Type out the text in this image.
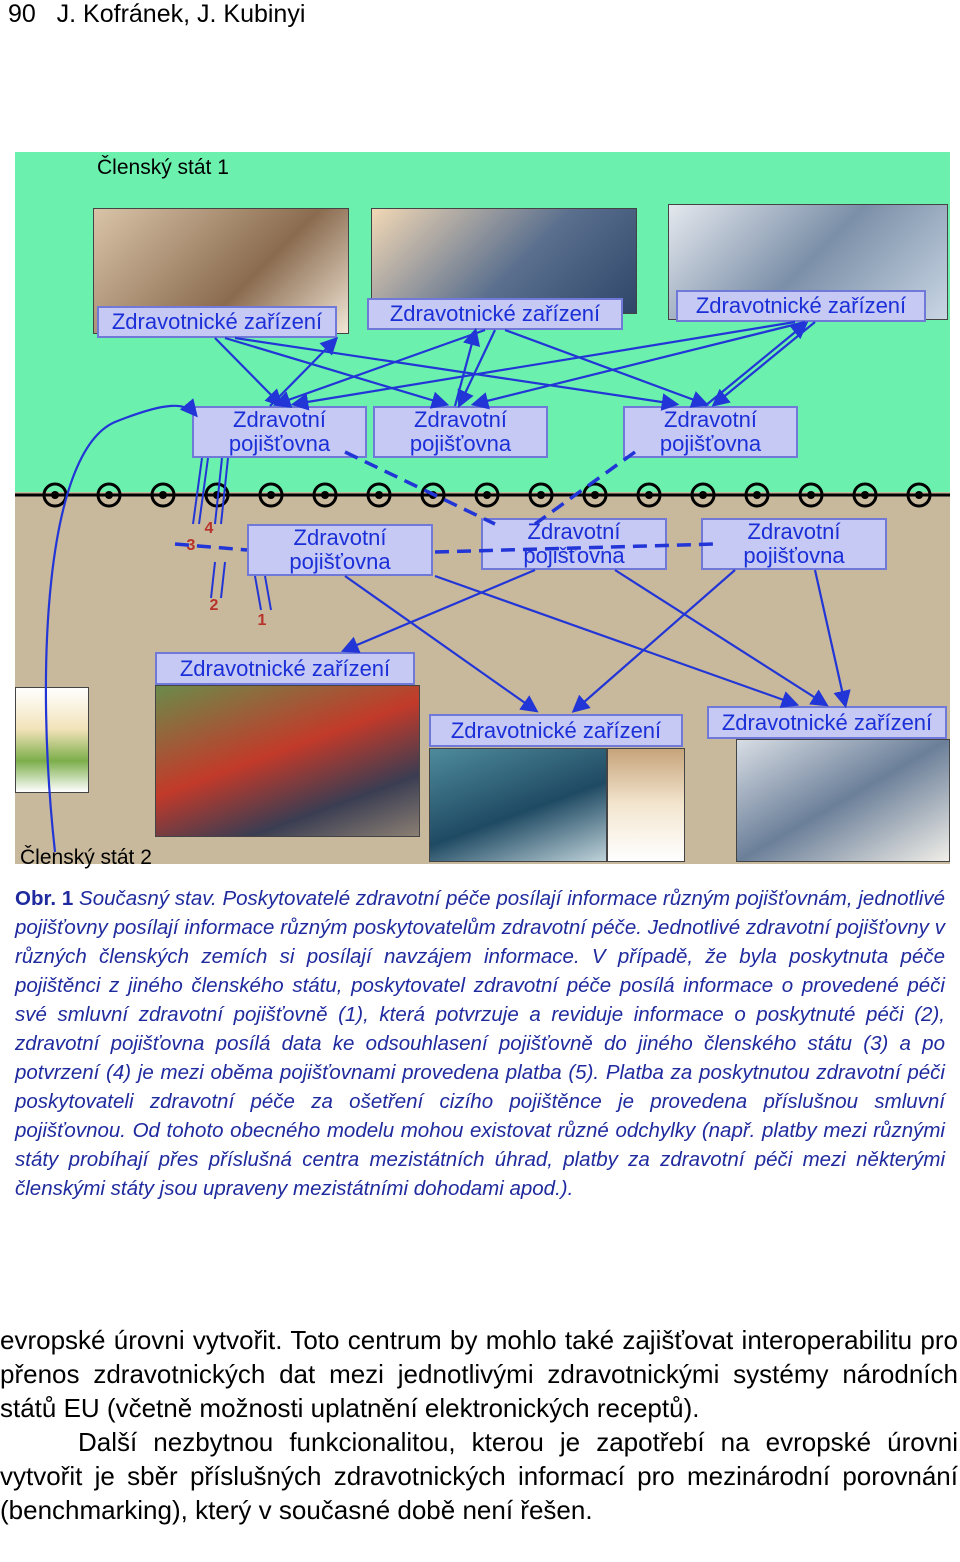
90 J. Kofránek, J. Kubinyi
Členský stát 1
Zdravotnické zařízení	Zdravotnické zařízení	Zdravotnické zařízení
Zdravotní
pojišťovna
Zdravotní
pojišťovna
Zdravotní
pojišťovna
Zdravotní
pojišťovna
Zdravotní
pojišťovna
Zdravotní
pojišťovna
3
4
2
1
Zdravotnické zařízení
Zdravotnické zařízení	Zdravotnické zařízení
Členský stát 2
Obr. 1 Současný stav. Poskytovatelé zdravotní péče posílají informace různým pojišťovnám, jednotlivé pojišťovny posílají informace různým poskytovatelům zdravotní péče. Jednotlivé zdravotní pojišťovny v různých členských zemích si posílají navzájem informace. V případě, že byla poskytnuta péče pojištěnci z jiného členského státu, poskytovatel zdravotní péče posílá informace o provedené péči své smluvní zdravotní pojišťovně (1), která potvrzuje a reviduje informace o poskytnuté péči (2), zdravotní pojišťovna posílá data ke odsouhlasení pojišťovně do jiného členského státu (3) a po potvrzení (4) je mezi oběma pojišťovnami provedena platba (5). Platba za poskytnutou zdravotní péči poskytovateli zdravotní péče za ošetření cizího pojištěnce je provedena příslušnou smluvní pojišťovnou. Od tohoto obecného modelu mohou existovat různé odchylky (např. platby mezi různými státy probíhají přes příslušná centra mezistátních úhrad, platby za zdravotní péči mezi některými členskými státy jsou upraveny mezistátními dohodami apod.).

evropské úrovni vytvořit. Toto centrum by mohlo také zajišťovat interoperabilitu pro přenos zdravotnických dat mezi jednotlivými zdravotnickými systémy národních států EU (včetně možnosti uplatnění elektronických receptů).

Další nezbytnou funkcionalitou, kterou je zapotřebí na evropské úrovni vytvořit je sběr příslušných zdravotnických informací pro mezinárodní porovnání (benchmarking), který v současné době není řešen.
